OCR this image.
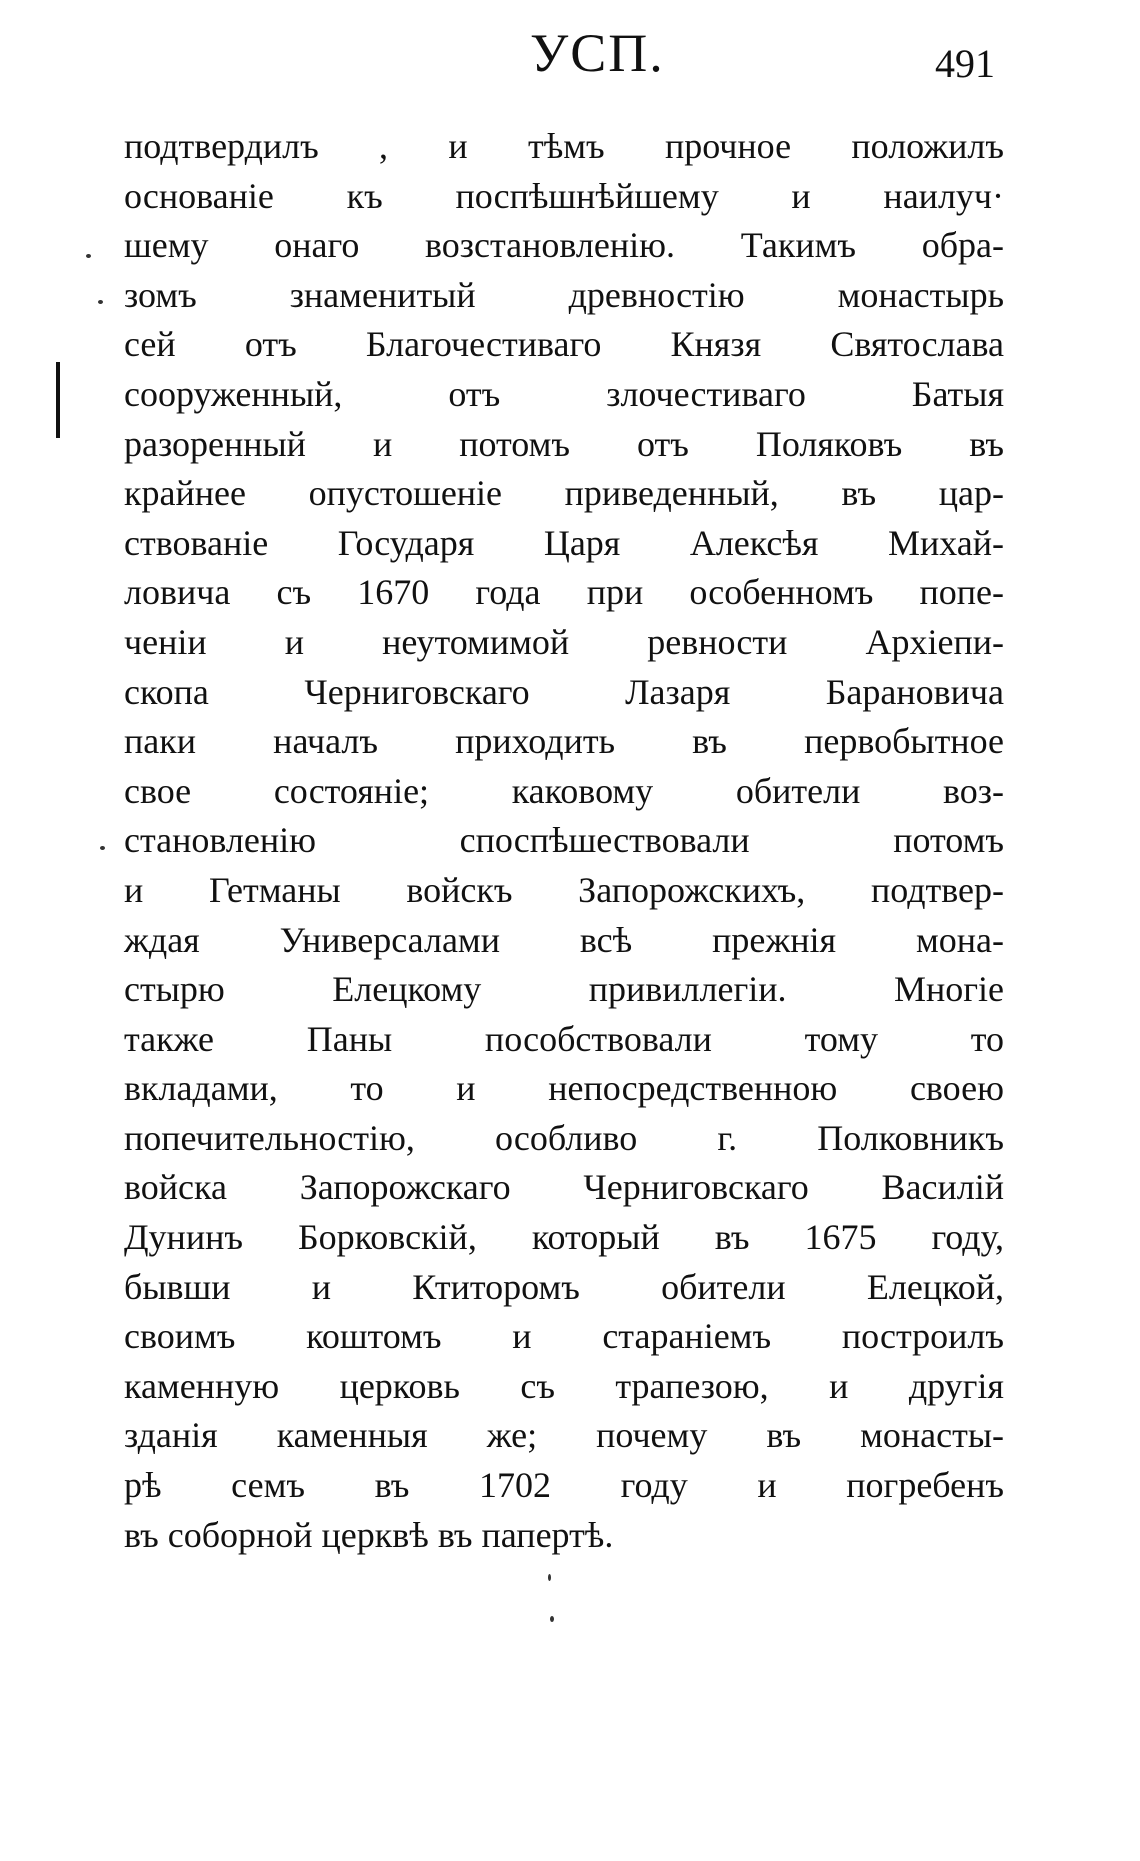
УСП.	491
подтвердилъ , и тѣмъ прочное положилъ
основанiе къ поспѣшнѣйшему и наилуч·
шему онаго возстановленiю. Такимъ обра-
зомъ знаменитый древностiю монастырь
сей отъ Благочестиваго Князя Святослава
сооруженный, отъ злочестиваго Батыя
разоренный и потомъ отъ Поляковъ въ
крайнее опустошенiе приведенный, въ цар-
ствованiе Государя Царя Алексѣя Михай-
ловича съ 1670 года при особенномъ попе-
ченiи и неутомимой ревности Архiепи-
скопа Черниговскаго Лазаря Барановича
паки началъ приходить въ первобытное
свое состоянiе; каковому обители воз-
становленiю споспѣшествовали потомъ
и Гетманы войскъ Запорожскихъ, подтвер-
ждая Универсалами всѣ прежнiя мона-
стырю Елецкому привиллегiи. Многiе
также Паны пособствовали тому то
вкладами, то и непосредственною своею
попечительностiю, особливо г. Полковникъ
войска Запорожскаго Черниговскаго Василiй
Дунинъ Борковскiй, который въ 1675 году,
бывши и Ктиторомъ обители Елецкой,
своимъ коштомъ и старанiемъ построилъ
каменную церковь съ трапезою, и другiя
зданiя каменныя же; почему въ монасты-
рѣ семъ въ 1702 году и погребенъ
въ соборной церквѣ въ папертѣ.
